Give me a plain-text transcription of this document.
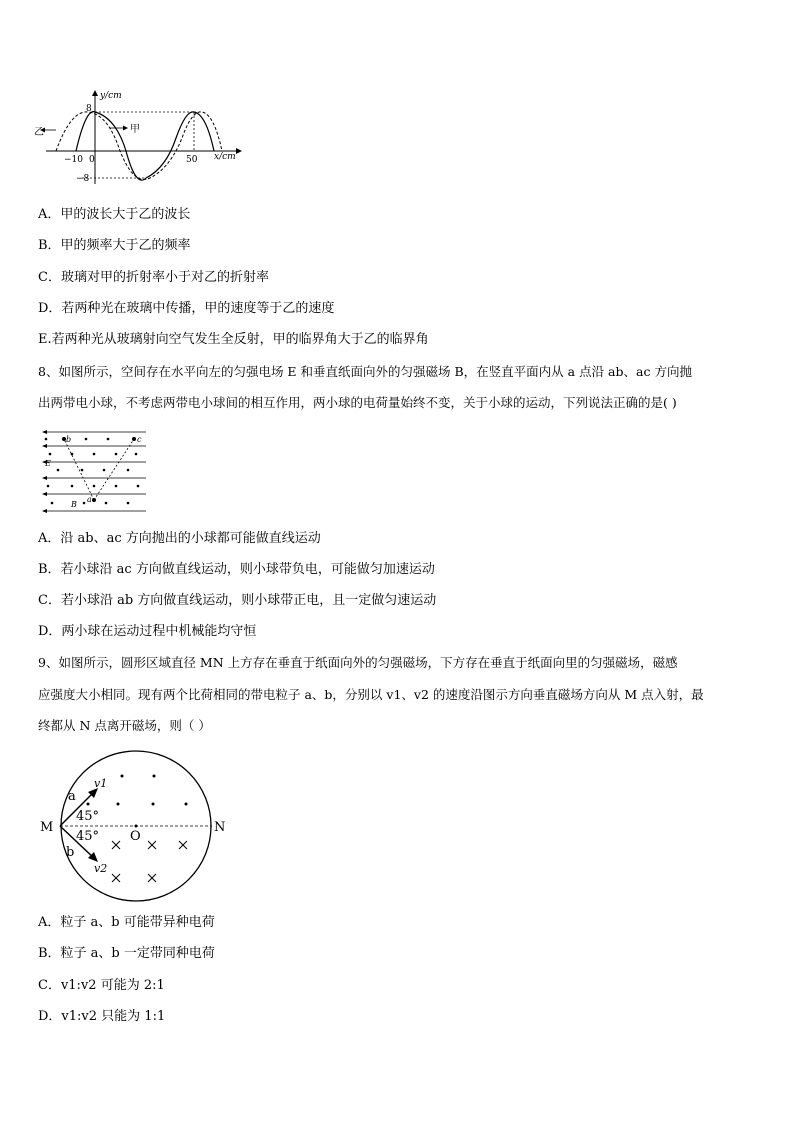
y/cm
x/cm
8
−8
−10 0	50
乙	甲
A．甲的波长大于乙的波长
B．甲的频率大于乙的频率
C．玻璃对甲的折射率小于对乙的折射率
D．若两种光在玻璃中传播，甲的速度等于乙的速度
E.若两种光从玻璃射向空气发生全反射，甲的临界角大于乙的临界角
8、如图所示，空间存在水平向左的匀强电场 E 和垂直纸面向外的匀强磁场 B，在竖直平面内从 a 点沿 ab、ac 方向抛
出两带电小球，不考虑两带电小球间的相互作用，两小球的电荷量始终不变，关于小球的运动，下列说法正确的是( )
b	c
E
a
B
A．沿 ab、ac 方向抛出的小球都可能做直线运动
B．若小球沿 ac 方向做直线运动，则小球带负电，可能做匀加速运动
C．若小球沿 ab 方向做直线运动，则小球带正电，且一定做匀速运动
D．两小球在运动过程中机械能均守恒
9、如图所示，圆形区域直径 MN 上方存在垂直于纸面向外的匀强磁场，下方存在垂直于纸面向里的匀强磁场，磁感
应强度大小相同。现有两个比荷相同的带电粒子 a、b，分别以 v1、v2 的速度沿图示方向垂直磁场方向从 M 点入射，最
终都从 N 点离开磁场，则（ ）
M	N
O
a
b
v1
v2
45°
45°
A．粒子 a、b 可能带异种电荷
B．粒子 a、b 一定带同种电荷
C．v1:v2 可能为 2:1
D．v1:v2 只能为 1:1
